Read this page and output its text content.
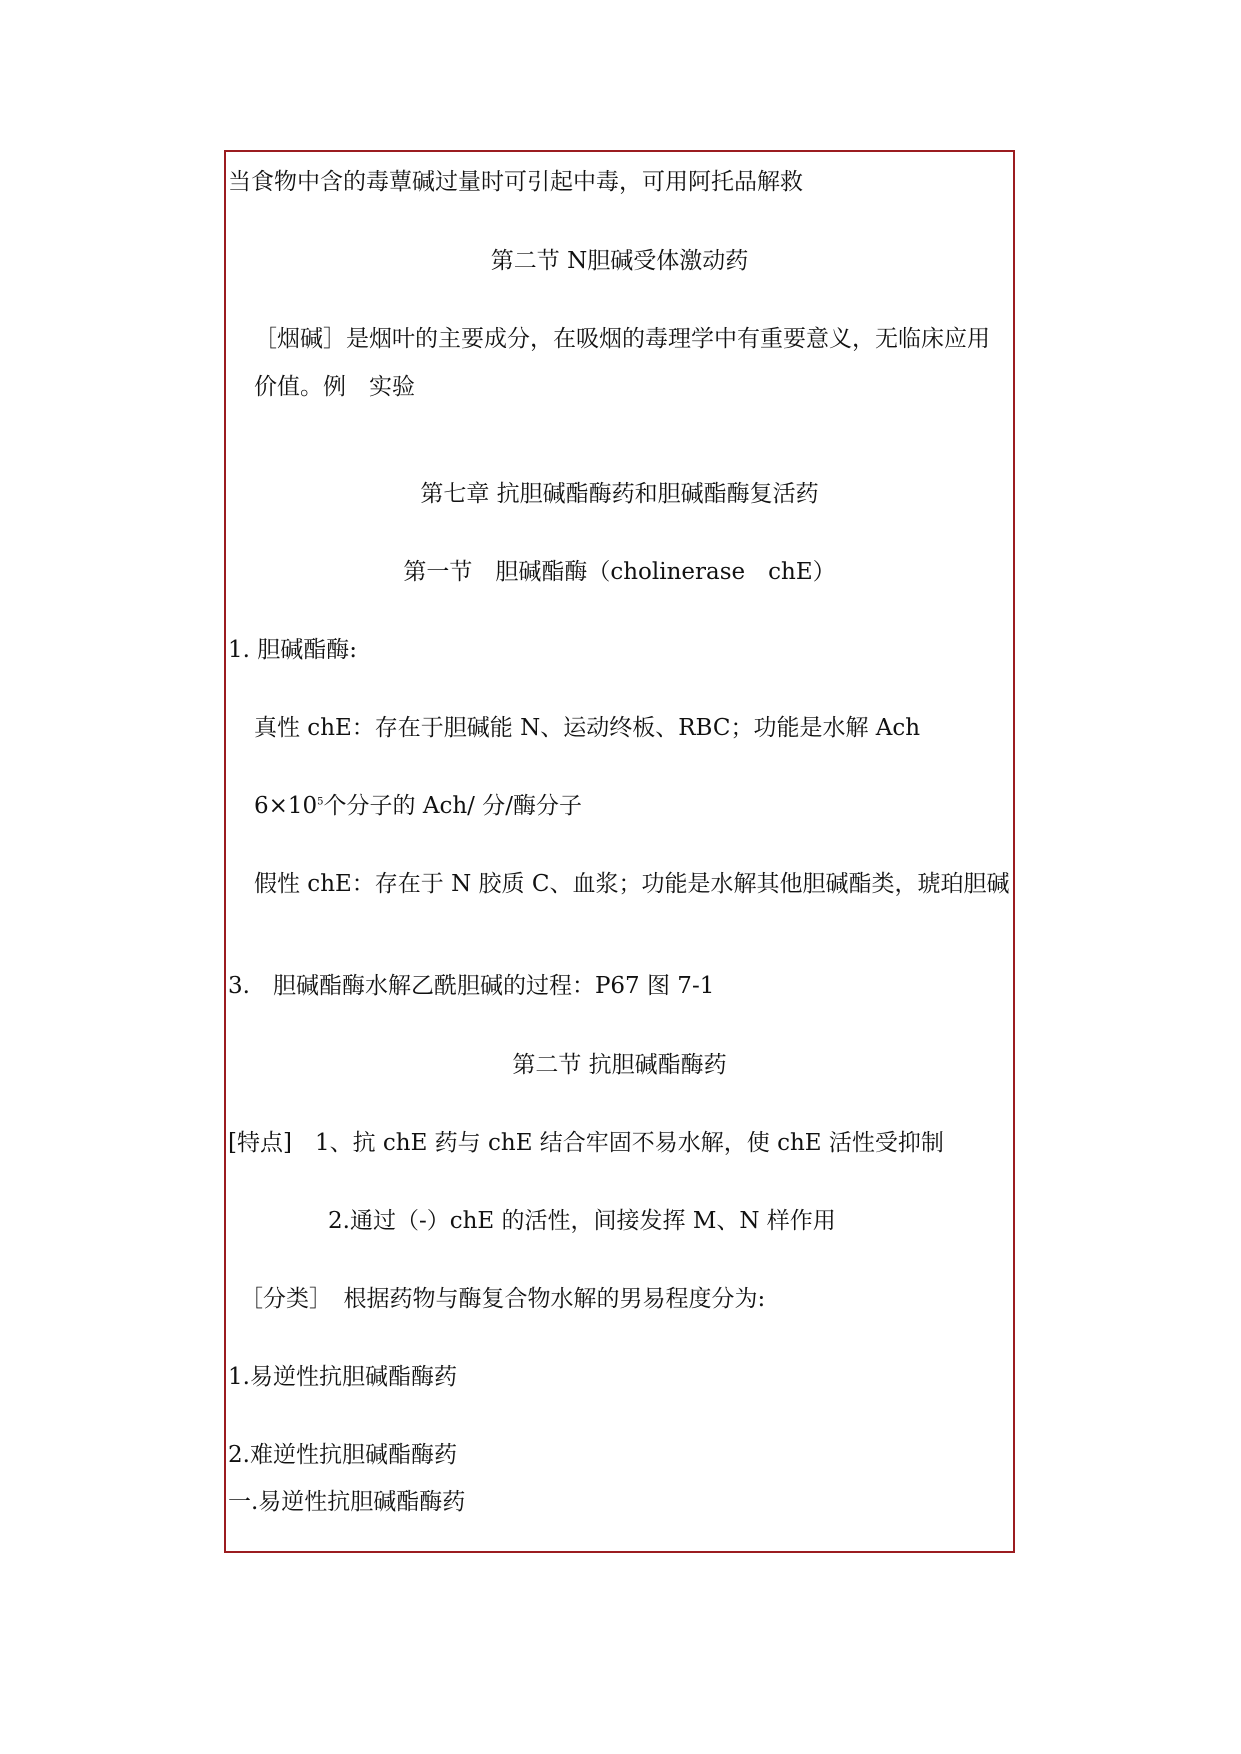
当食物中含的毒蕈碱过量时可引起中毒，可用阿托品解救
第二节 N胆碱受体激动药
［烟碱］是烟叶的主要成分，在吸烟的毒理学中有重要意义，无临床应用价值。例　实验
第七章 抗胆碱酯酶药和胆碱酯酶复活药
第一节　胆碱酯酶（cholinerase　chE）
1. 胆碱酯酶:
真性 chE：存在于胆碱能 N、运动终板、RBC；功能是水解 Ach
$6\times 10^5$个分子的 Ach/ 分/酶分子
假性 chE：存在于 N 胶质 C、血浆；功能是水解其他胆碱酯类，琥珀胆碱
3.　胆碱酯酶水解乙酰胆碱的过程：P67 图 7-1
第二节 抗胆碱酯酶药
[特点]　1、抗 chE 药与 chE 结合牢固不易水解，使 chE 活性受抑制
2.通过（-）chE 的活性，间接发挥 M、N 样作用
［分类］　根据药物与酶复合物水解的男易程度分为:
1.易逆性抗胆碱酯酶药
2.难逆性抗胆碱酯酶药
一.易逆性抗胆碱酯酶药
